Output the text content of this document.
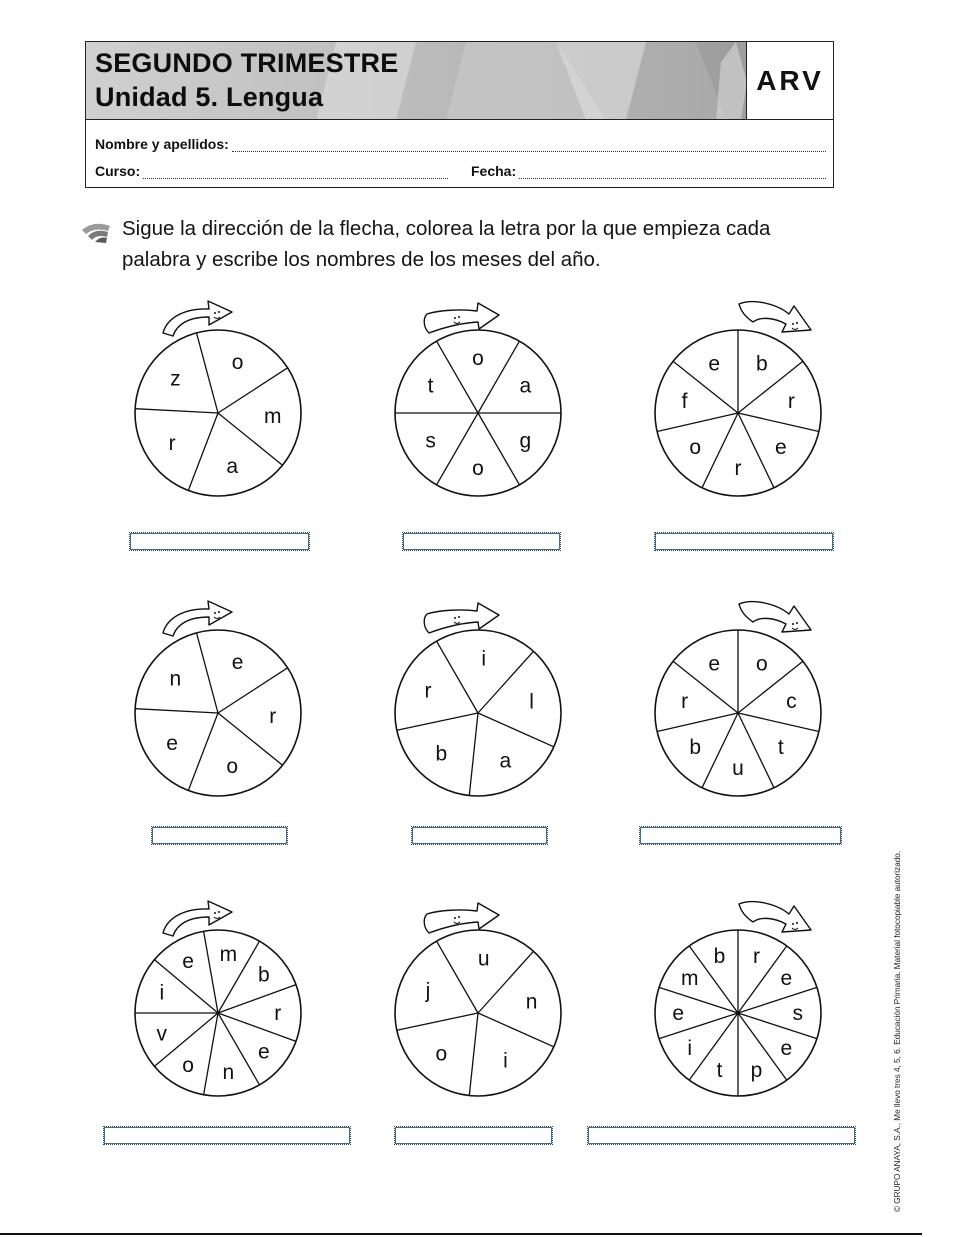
SEGUNDO TRIMESTRE
Unidad 5. Lengua
ARV
Nombre y apellidos:
Curso:	Fecha:
Sigue la dirección de la flecha, colorea la letra por la que empieza cada palabra y escribe los nombres de los meses del año.
o
m
a
r
z
o
a
g
o
s
t
b
r
e
r
o
f
e
e
r
o
e
n
i
l
a
b
r
o
c
t
u
b
r
e
m
b
r
e
n
o
v
i
e	u
n
i
o
j
r
e
s
e
p
t
i
e
m
b	© GRUPO ANAYA, S.A., Me llevo tres 4, 5, 6. Educación Primaria. Material fotocopiable autorizado.
